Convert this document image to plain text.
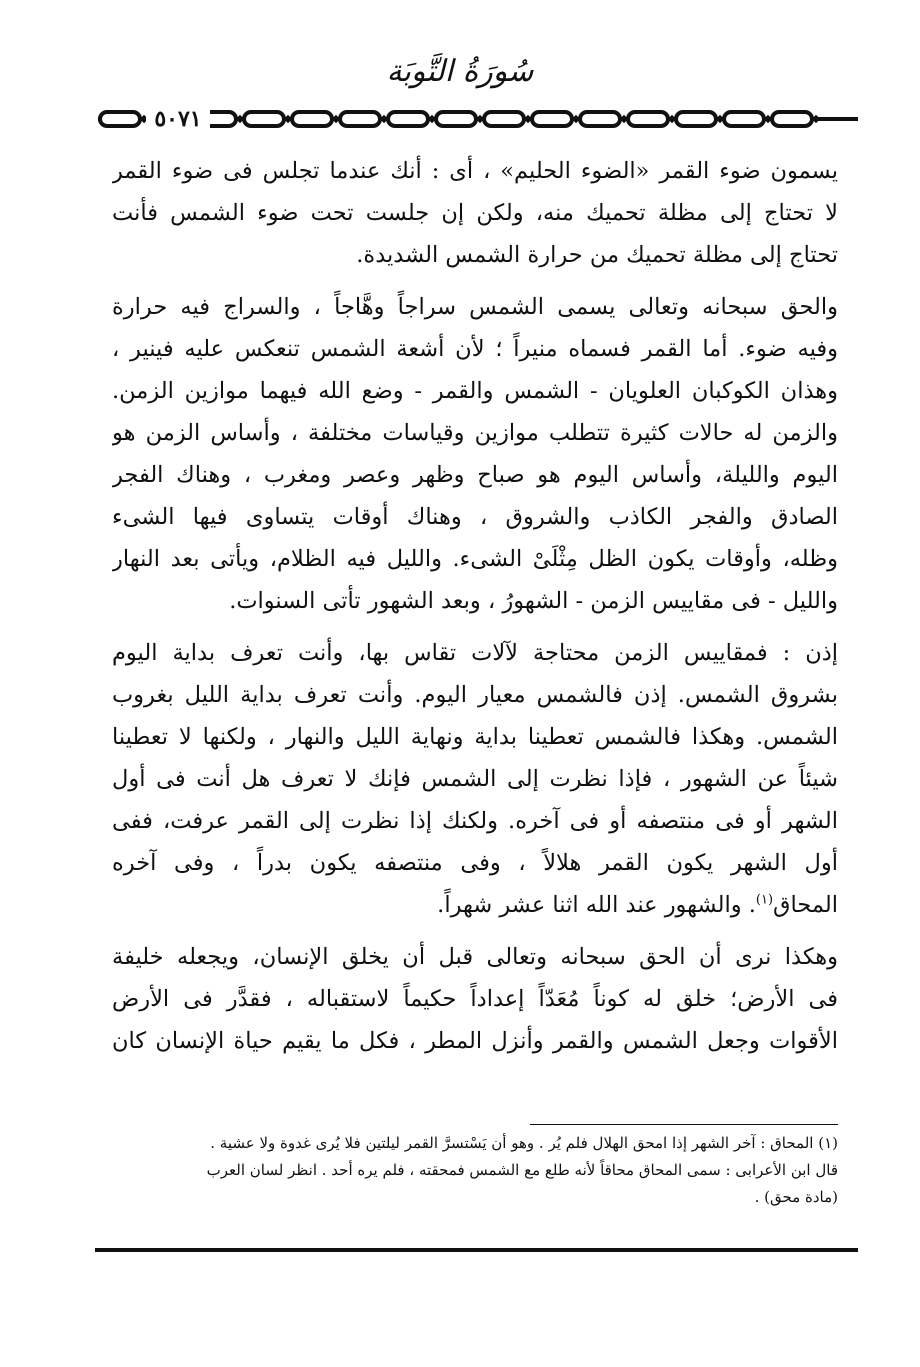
سُورَةُ التَّوبَة
٥٠٧١
يسمون ضوء القمر «الضوء الحليم» ، أى : أنك عندما تجلس فى ضوء القمر
لا تحتاج إلى مظلة تحميك منه، ولكن إن جلست تحت ضوء الشمس فأنت
تحتاج إلى مظلة تحميك من حرارة الشمس الشديدة.
والحق سبحانه وتعالى يسمى الشمس سراجاً وهَّاجاً ، والسراج فيه حرارة
وفيه ضوء. أما القمر فسماه منيراً ؛ لأن أشعة الشمس تنعكس عليه فينير ،
وهذان الكوكبان العلويان - الشمس والقمر - وضع الله فيهما موازين الزمن.
والزمن له حالات كثيرة تتطلب موازين وقياسات مختلفة ، وأساس الزمن هو
اليوم والليلة، وأساس اليوم هو صباح وظهر وعصر ومغرب ، وهناك الفجر
الصادق والفجر الكاذب والشروق ، وهناك أوقات يتساوى فيها الشىء
وظله، وأوقات يكون الظل مِثْلَىْ الشىء. والليل فيه الظلام، ويأتى بعد النهار
والليل - فى مقاييس الزمن - الشهورُ ، وبعد الشهور تأتى السنوات.
إذن : فمقاييس الزمن محتاجة لآلات تقاس بها، وأنت تعرف بداية اليوم
بشروق الشمس. إذن فالشمس معيار اليوم. وأنت تعرف بداية الليل بغروب
الشمس. وهكذا فالشمس تعطينا بداية ونهاية الليل والنهار ، ولكنها لا تعطينا
شيئاً عن الشهور ، فإذا نظرت إلى الشمس فإنك لا تعرف هل أنت فى أول
الشهر أو فى منتصفه أو فى آخره. ولكنك إذا نظرت إلى القمر عرفت، ففى
أول الشهر يكون القمر هلالاً ، وفى منتصفه يكون بدراً ، وفى آخره
المحاق$^{(١)}$. والشهور عند الله اثنا عشر شهراً.
وهكذا نرى أن الحق سبحانه وتعالى قبل أن يخلق الإنسان، ويجعله خليفة
فى الأرض؛ خلق له كوناً مُعَدّاً إعداداً حكيماً لاستقباله ، فقدَّر فى الأرض
الأقوات وجعل الشمس والقمر وأنزل المطر ، فكل ما يقيم حياة الإنسان كان
(١) المحاق : آخر الشهر إذا امحق الهلال فلم يُر . وهو أن يَسْتسرَّ القمر ليلتين فلا يُرى غدوة ولا عشية .
قال ابن الأعرابى : سمى المحاق محاقاً لأنه طلع مع الشمس فمحقته ، فلم يره أحد . انظر لسان العرب
(مادة محق) .
